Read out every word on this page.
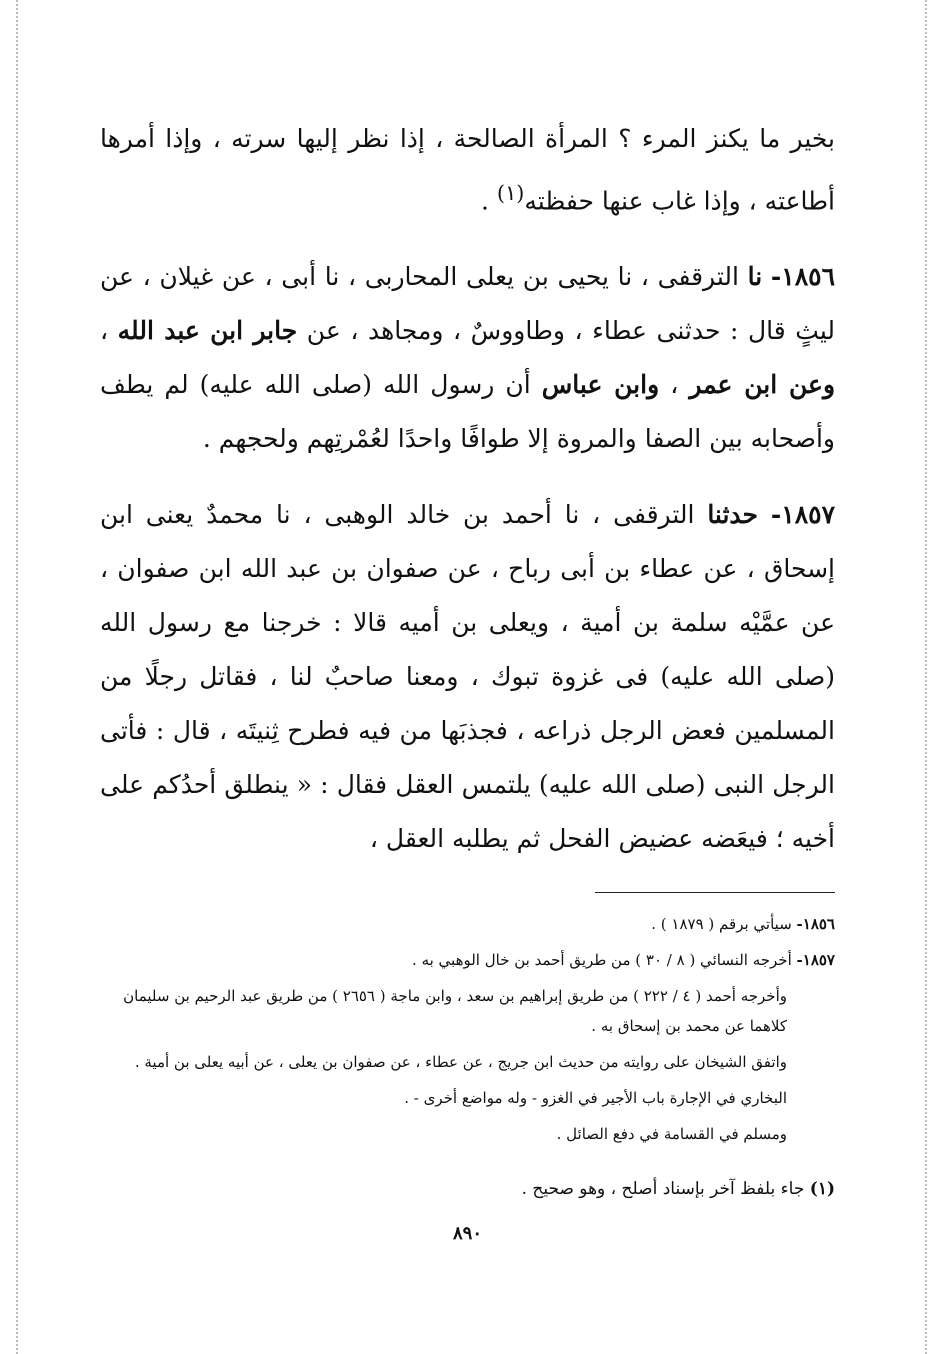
بخير ما يكنز المرء ؟ المرأة الصالحة ، إذا نظر إليها سرته ، وإذا أمرها أطاعته ، وإذا غاب عنها حفظته$^{(١)}$ .

١٨٥٦- نا الترقفى ، نا يحيى بن يعلى المحاربى ، نا أبى ، عن غيلان ، عن ليثٍ قال : حدثنى عطاء ، وطاووسٌ ، ومجاهد ، عن جابر ابن عبد الله ، وعن ابن عمر ، وابن عباس أن رسول الله (صلى الله عليه) لم يطف وأصحابه بين الصفا والمروة إلا طوافًا واحدًا لعُمْرتِهم ولحجهم .

١٨٥٧- حدثنا الترقفى ، نا أحمد بن خالد الوهبى ، نا محمدٌ يعنى ابن إسحاق ، عن عطاء بن أبى رباح ، عن صفوان بن عبد الله ابن صفوان ، عن عمَّيْه سلمة بن أمية ، ويعلى بن أميه قالا : خرجنا مع رسول الله (صلى الله عليه) فى غزوة تبوك ، ومعنا صاحبٌ لنا ، فقاتل رجلًا من المسلمين فعض الرجل ذراعه ، فجذبَها من فيه فطرح ثِنيتَه ، قال : فأتى الرجل النبى (صلى الله عليه) يلتمس العقل فقال : « ينطلق أحدُكم على أخيه ؛ فيعَضه عضيض الفحل ثم يطلبه العقل ،

١٨٥٦- سيأتي برقم ( ١٨٧٩ ) .

١٨٥٧- أخرجه النسائي ( ٨ / ٣٠ ) من طريق أحمد بن خال الوهبي به .

وأخرجه أحمد ( ٤ / ٢٢٢ ) من طريق إبراهيم بن سعد ، وابن ماجة ( ٢٦٥٦ ) من طريق عبد الرحيم بن سليمان كلاهما عن محمد بن إسحاق به .

واتفق الشيخان على روايته من حديث ابن جريج ، عن عطاء ، عن صفوان بن يعلى ، عن أبيه يعلى بن أمية .

البخاري في الإجارة باب الأجير في الغزو - وله مواضع أخرى - .

ومسلم في القسامة في دفع الصائل .

(١) جاء بلفظ آخر بإسناد أصلح ، وهو صحيح .
٨٩٠
